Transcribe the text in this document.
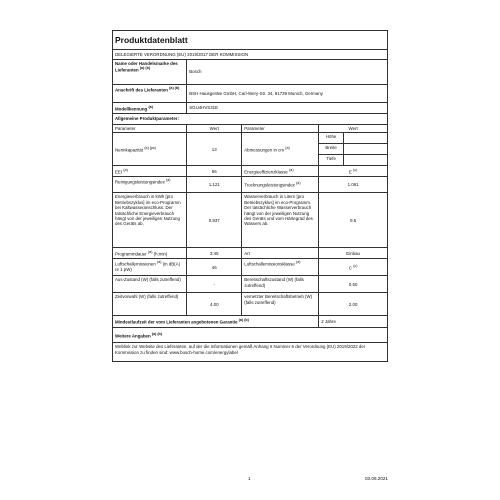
Produktdatenblatt				
DELEGIERTE VERORDNUNG (EU) 2019/2017 DER KOMMISSION				
Name oder Handelsmarke des Lieferanten $^{(a) (b)}$	Bosch			
Anschrift des Lieferanten $^{(a) (b)}$	BSH Hausgeräte GmbH, Carl-Wery-Str. 34, 81739 Munich, Germany			
Modellkennung $^{(a)}$	SGU4HVS31E			
Allgemeine Produktparameter:				
Parameter	Wert	Parameter	Wert	
Nennkapazität $^{(a) (ps)}$	13	Abmessungen in cm $^{(a)}$	Höhe	
			Breite	
			Tiefe	
EEI $^{(a)}$	56	Energieeffizienzklasse $^{(a)}$	E $^{(c)}$
Reinigungsleistungsindex $^{(a)}$	1.121	Trocknungsleistungsindex $^{(a)}$	1.061	
Energieverbrauch in kWh [pro Betriebszyklus] im eco-Programm bei Kaltwasseranschluss. Der tatsächliche Energieverbrauch hängt von der jeweiligen Nutzung des Geräts ab.	0.937	Wasserverbrauch in Litern [pro Betriebszyklus] im eco-Programm. Der tatsächliche Wasserverbrauch hängt von der jeweiligen Nutzung des Geräts und vom Härtegrad des Wassers ab.	9.5	
Programmdauer $^{(a)}$ (h:min)	3:45	Art	Einbau	
Luftschallemissionen $^{(a)}$ (in dB(A) re 1 pW)	46	Luftschallemissionsklasse $^{(a)}$	C $^{(c)}$
Aus-Zustand (W) (falls zutreffend)	-	Bereitschaftszustand (W) (falls zutreffend)	0.50	
Zeitvorwahl (W) (falls zutreffend)	4.00	vernetzter Bereitschaftsbetrieb (W) (falls zutreffend)	2.00	
Mindestlaufzeit der vom Lieferanten angebotenen Garantie $^{(a) (b)}$			2 Jahre	
Weitere Angaben $^{(a) (b)}$
Weblink zur Website des Lieferanten, auf der die Informationen gemäß Anhang II Nummer 6 der Verordnung (EU) 2019/2022 der Kommission zu finden sind: www.bosch-home.com/energylabel				
1	03.06.2021
